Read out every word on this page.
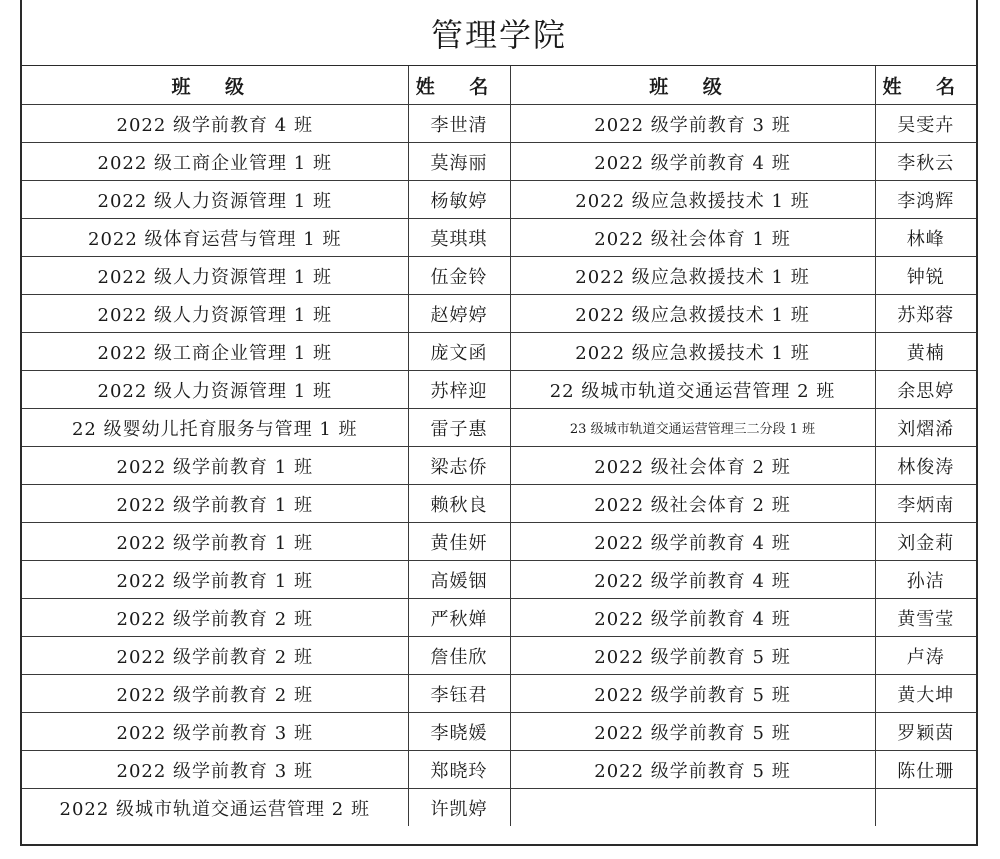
管理学院
班 级	姓 名	班 级	姓 名
2022 级学前教育 4 班	李世清	2022 级学前教育 3 班	吴雯卉
2022 级工商企业管理 1 班	莫海丽	2022 级学前教育 4 班	李秋云
2022 级人力资源管理 1 班	杨敏婷	2022 级应急救援技术 1 班	李鸿辉
2022 级体育运营与管理 1 班	莫琪琪	2022 级社会体育 1 班	林峰
2022 级人力资源管理 1 班	伍金铃	2022 级应急救援技术 1 班	钟锐
2022 级人力资源管理 1 班	赵婷婷	2022 级应急救援技术 1 班	苏郑蓉
2022 级工商企业管理 1 班	庞文函	2022 级应急救援技术 1 班	黄楠
2022 级人力资源管理 1 班	苏梓迎	22 级城市轨道交通运营管理 2 班	余思婷
22 级婴幼儿托育服务与管理 1 班	雷子惠	23 级城市轨道交通运营管理三二分段 1 班	刘熠浠
2022 级学前教育 1 班	梁志侨	2022 级社会体育 2 班	林俊涛
2022 级学前教育 1 班	赖秋良	2022 级社会体育 2 班	李炳南
2022 级学前教育 1 班	黄佳妍	2022 级学前教育 4 班	刘金莉
2022 级学前教育 1 班	高媛铟	2022 级学前教育 4 班	孙洁
2022 级学前教育 2 班	严秋婵	2022 级学前教育 4 班	黄雪莹
2022 级学前教育 2 班	詹佳欣	2022 级学前教育 5 班	卢涛
2022 级学前教育 2 班	李钰君	2022 级学前教育 5 班	黄大坤
2022 级学前教育 3 班	李晓媛	2022 级学前教育 5 班	罗颖茵
2022 级学前教育 3 班	郑晓玲	2022 级学前教育 5 班	陈仕珊
2022 级城市轨道交通运营管理 2 班	许凯婷		
